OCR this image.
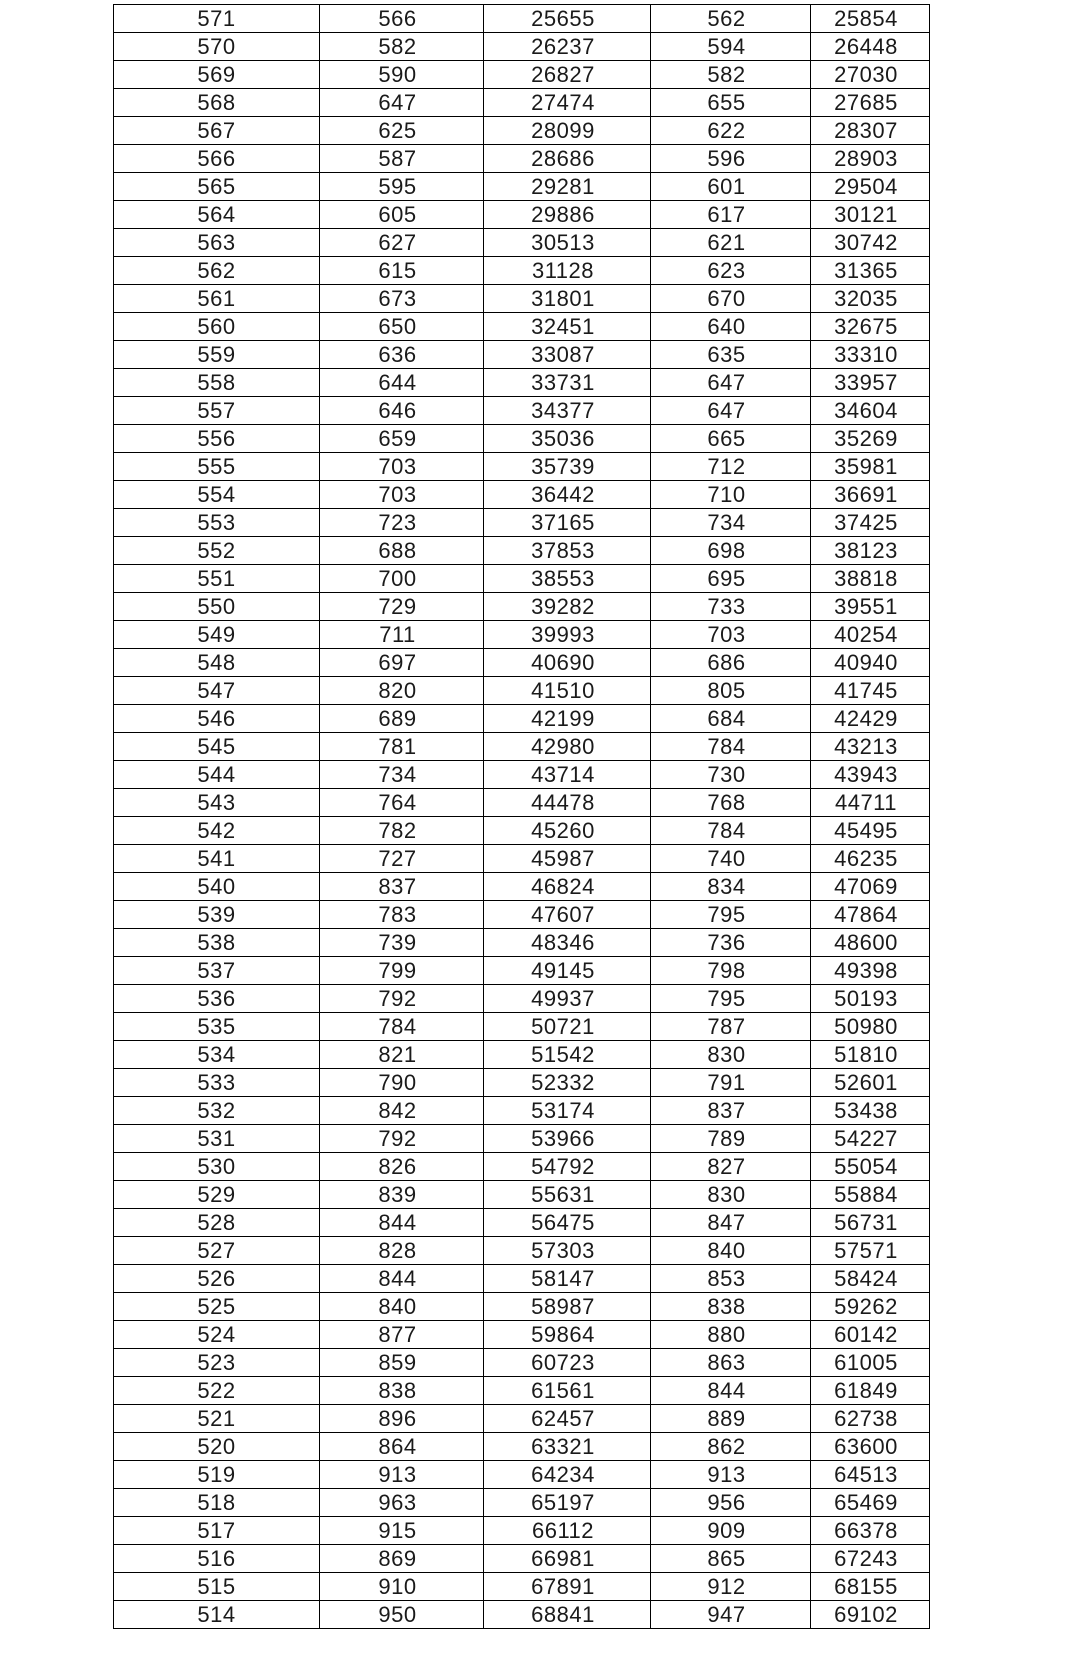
571	566	25655	562	25854
570	582	26237	594	26448
569	590	26827	582	27030
568	647	27474	655	27685
567	625	28099	622	28307
566	587	28686	596	28903
565	595	29281	601	29504
564	605	29886	617	30121
563	627	30513	621	30742
562	615	31128	623	31365
561	673	31801	670	32035
560	650	32451	640	32675
559	636	33087	635	33310
558	644	33731	647	33957
557	646	34377	647	34604
556	659	35036	665	35269
555	703	35739	712	35981
554	703	36442	710	36691
553	723	37165	734	37425
552	688	37853	698	38123
551	700	38553	695	38818
550	729	39282	733	39551
549	711	39993	703	40254
548	697	40690	686	40940
547	820	41510	805	41745
546	689	42199	684	42429
545	781	42980	784	43213
544	734	43714	730	43943
543	764	44478	768	44711
542	782	45260	784	45495
541	727	45987	740	46235
540	837	46824	834	47069
539	783	47607	795	47864
538	739	48346	736	48600
537	799	49145	798	49398
536	792	49937	795	50193
535	784	50721	787	50980
534	821	51542	830	51810
533	790	52332	791	52601
532	842	53174	837	53438
531	792	53966	789	54227
530	826	54792	827	55054
529	839	55631	830	55884
528	844	56475	847	56731
527	828	57303	840	57571
526	844	58147	853	58424
525	840	58987	838	59262
524	877	59864	880	60142
523	859	60723	863	61005
522	838	61561	844	61849
521	896	62457	889	62738
520	864	63321	862	63600
519	913	64234	913	64513
518	963	65197	956	65469
517	915	66112	909	66378
516	869	66981	865	67243
515	910	67891	912	68155
514	950	68841	947	69102
